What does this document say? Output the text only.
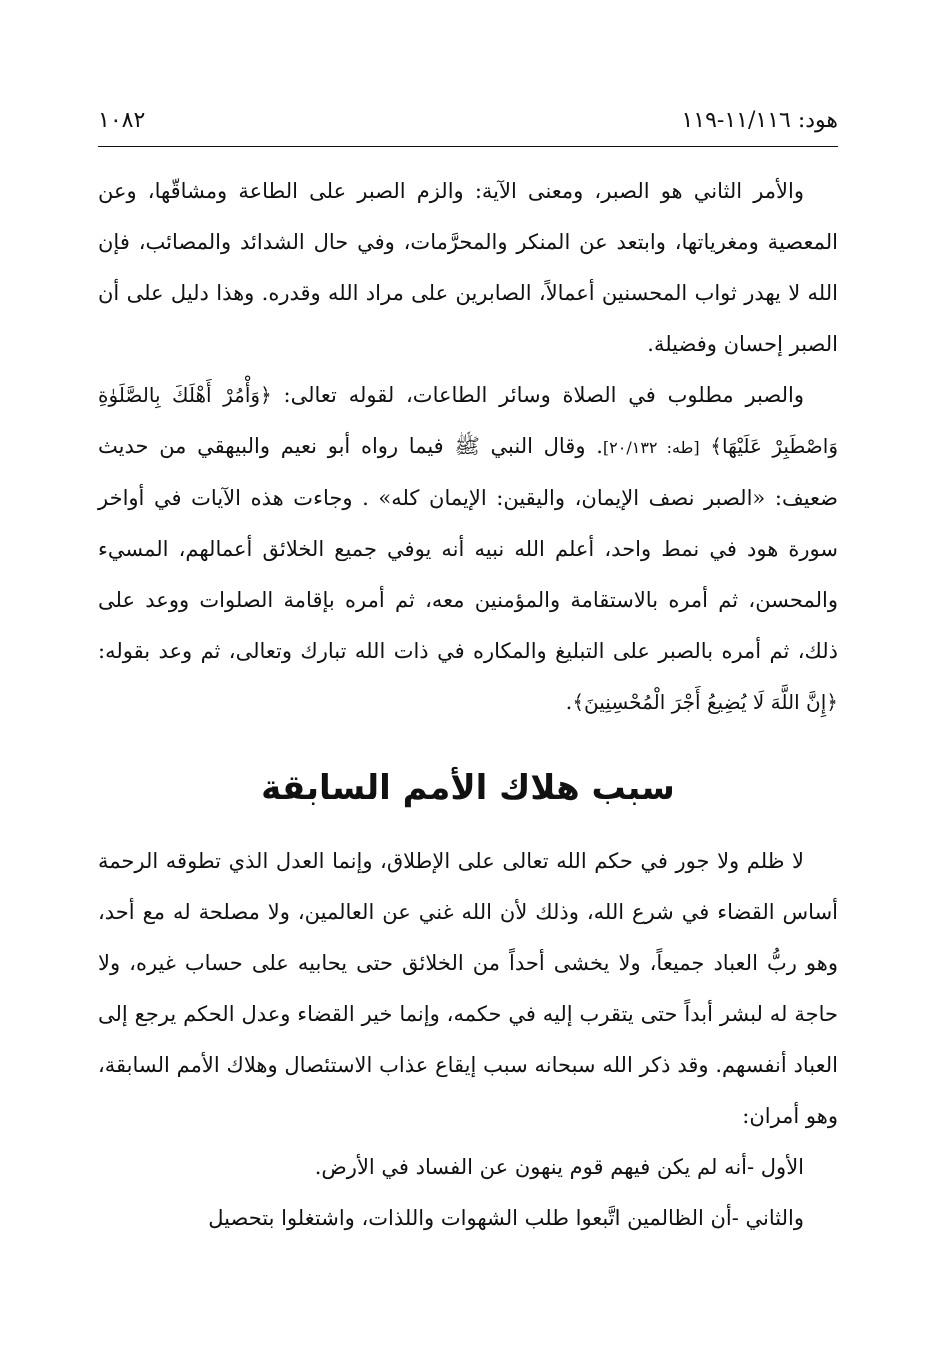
هود: ١١/١١٦-١١٩
١٠٨٢

والأمر الثاني هو الصبر، ومعنى الآية: والزم الصبر على الطاعة ومشاقّها، وعن المعصية ومغرياتها، وابتعد عن المنكر والمحرَّمات، وفي حال الشدائد والمصائب، فإن الله لا يهدر ثواب المحسنين أعمالاً، الصابرين على مراد الله وقدره. وهذا دليل على أن الصبر إحسان وفضيلة.

والصبر مطلوب في الصلاة وسائر الطاعات، لقوله تعالى: ﴿وَأْمُرْ أَهْلَكَ بِالصَّلَوٰةِ وَاصْطَبِرْ عَلَيْهَا﴾ [طه: ٢٠/١٣٢]. وقال النبي ﷺ فيما رواه أبو نعيم والبيهقي من حديث ضعيف: «الصبر نصف الإيمان، واليقين: الإيمان كله» . وجاءت هذه الآيات في أواخر سورة هود في نمط واحد، أعلم الله نبيه أنه يوفي جميع الخلائق أعمالهم، المسيء والمحسن، ثم أمره بالاستقامة والمؤمنين معه، ثم أمره بإقامة الصلوات ووعد على ذلك، ثم أمره بالصبر على التبليغ والمكاره في ذات الله تبارك وتعالى، ثم وعد بقوله: ﴿إِنَّ اللَّهَ لَا يُضِيعُ أَجْرَ الْمُحْسِنِينَ﴾.

سبب هلاك الأمم السابقة

لا ظلم ولا جور في حكم الله تعالى على الإطلاق، وإنما العدل الذي تطوقه الرحمة أساس القضاء في شرع الله، وذلك لأن الله غني عن العالمين، ولا مصلحة له مع أحد، وهو ربُّ العباد جميعاً، ولا يخشى أحداً من الخلائق حتى يحابيه على حساب غيره، ولا حاجة له لبشر أبداً حتى يتقرب إليه في حكمه، وإنما خير القضاء وعدل الحكم يرجع إلى العباد أنفسهم. وقد ذكر الله سبحانه سبب إيقاع عذاب الاستئصال وهلاك الأمم السابقة، وهو أمران:

الأول -أنه لم يكن فيهم قوم ينهون عن الفساد في الأرض.

والثاني -أن الظالمين اتَّبعوا طلب الشهوات واللذات، واشتغلوا بتحصيل
